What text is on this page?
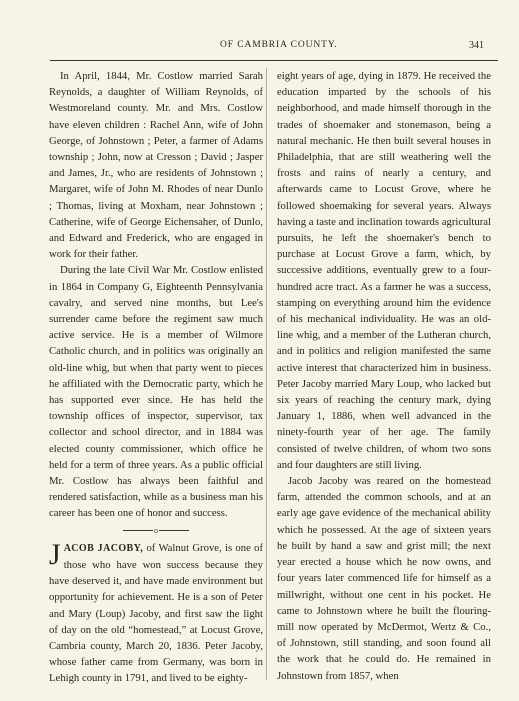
OF CAMBRIA COUNTY.	341

In April, 1844, Mr. Costlow married Sarah Reynolds, a daughter of William Reynolds, of Westmoreland county. Mr. and Mrs. Costlow have eleven children : Rachel Ann, wife of John George, of Johnstown ; Peter, a farmer of Adams township ; John, now at Cresson ; David ; Jasper and James, Jr., who are residents of Johnstown ; Margaret, wife of John M. Rhodes of near Dunlo ; Thomas, living at Moxham, near Johnstown ; Catherine, wife of George Eichensaher, of Dunlo, and Edward and Frederick, who are engaged in work for their father.

During the late Civil War Mr. Costlow enlisted in 1864 in Company G, Eighteenth Pennsylvania cavalry, and served nine months, but Lee's surrender came before the regiment saw much active service. He is a member of Wilmore Catholic church, and in politics was originally an old-line whig, but when that party went to pieces he affiliated with the Democratic party, which he has supported ever since. He has held the township offices of inspector, supervisor, tax collector and school director, and in 1884 was elected county commissioner, which office he held for a term of three years. As a public official Mr. Costlow has always been faithful and rendered satisfaction, while as a business man his career has been one of honor and success.

o

JACOB JACOBY, of Walnut Grove, is one of those who have won success because they have deserved it, and have made environment but opportunity for achievement. He is a son of Peter and Mary (Loup) Jacoby, and first saw the light of day on the old “homestead,” at Locust Grove, Cambria county, March 20, 1836. Peter Jacoby, whose father came from Germany, was born in Lehigh county in 1791, and lived to be eighty-

eight years of age, dying in 1879. He received the education imparted by the schools of his neighborhood, and made himself thorough in the trades of shoemaker and stonemason, being a natural mechanic. He then built several houses in Philadelphia, that are still weathering well the frosts and rains of nearly a century, and afterwards came to Locust Grove, where he followed shoemaking for several years. Always having a taste and inclination towards agricultural pursuits, he left the shoemaker's bench to purchase at Locust Grove a farm, which, by successive additions, eventually grew to a four-hundred acre tract. As a farmer he was a success, stamping on everything around him the evidence of his mechanical individuality. He was an old-line whig, and a member of the Lutheran church, and in politics and religion manifested the same active interest that characterized him in business. Peter Jacoby married Mary Loup, who lacked but six years of reaching the century mark, dying January 1, 1886, when well advanced in the ninety-fourth year of her age. The family consisted of twelve children, of whom two sons and four daughters are still living.

Jacob Jacoby was reared on the homestead farm, attended the common schools, and at an early age gave evidence of the mechanical ability which he possessed. At the age of sixteen years he built by hand a saw and grist mill; the next year erected a house which he now owns, and four years later commenced life for himself as a millwright, without one cent in his pocket. He came to Johnstown where he built the flouring-mill now operated by McDermot, Wertz & Co., of Johnstown, still standing, and soon found all the work that he could do. He remained in Johnstown from 1857, when
